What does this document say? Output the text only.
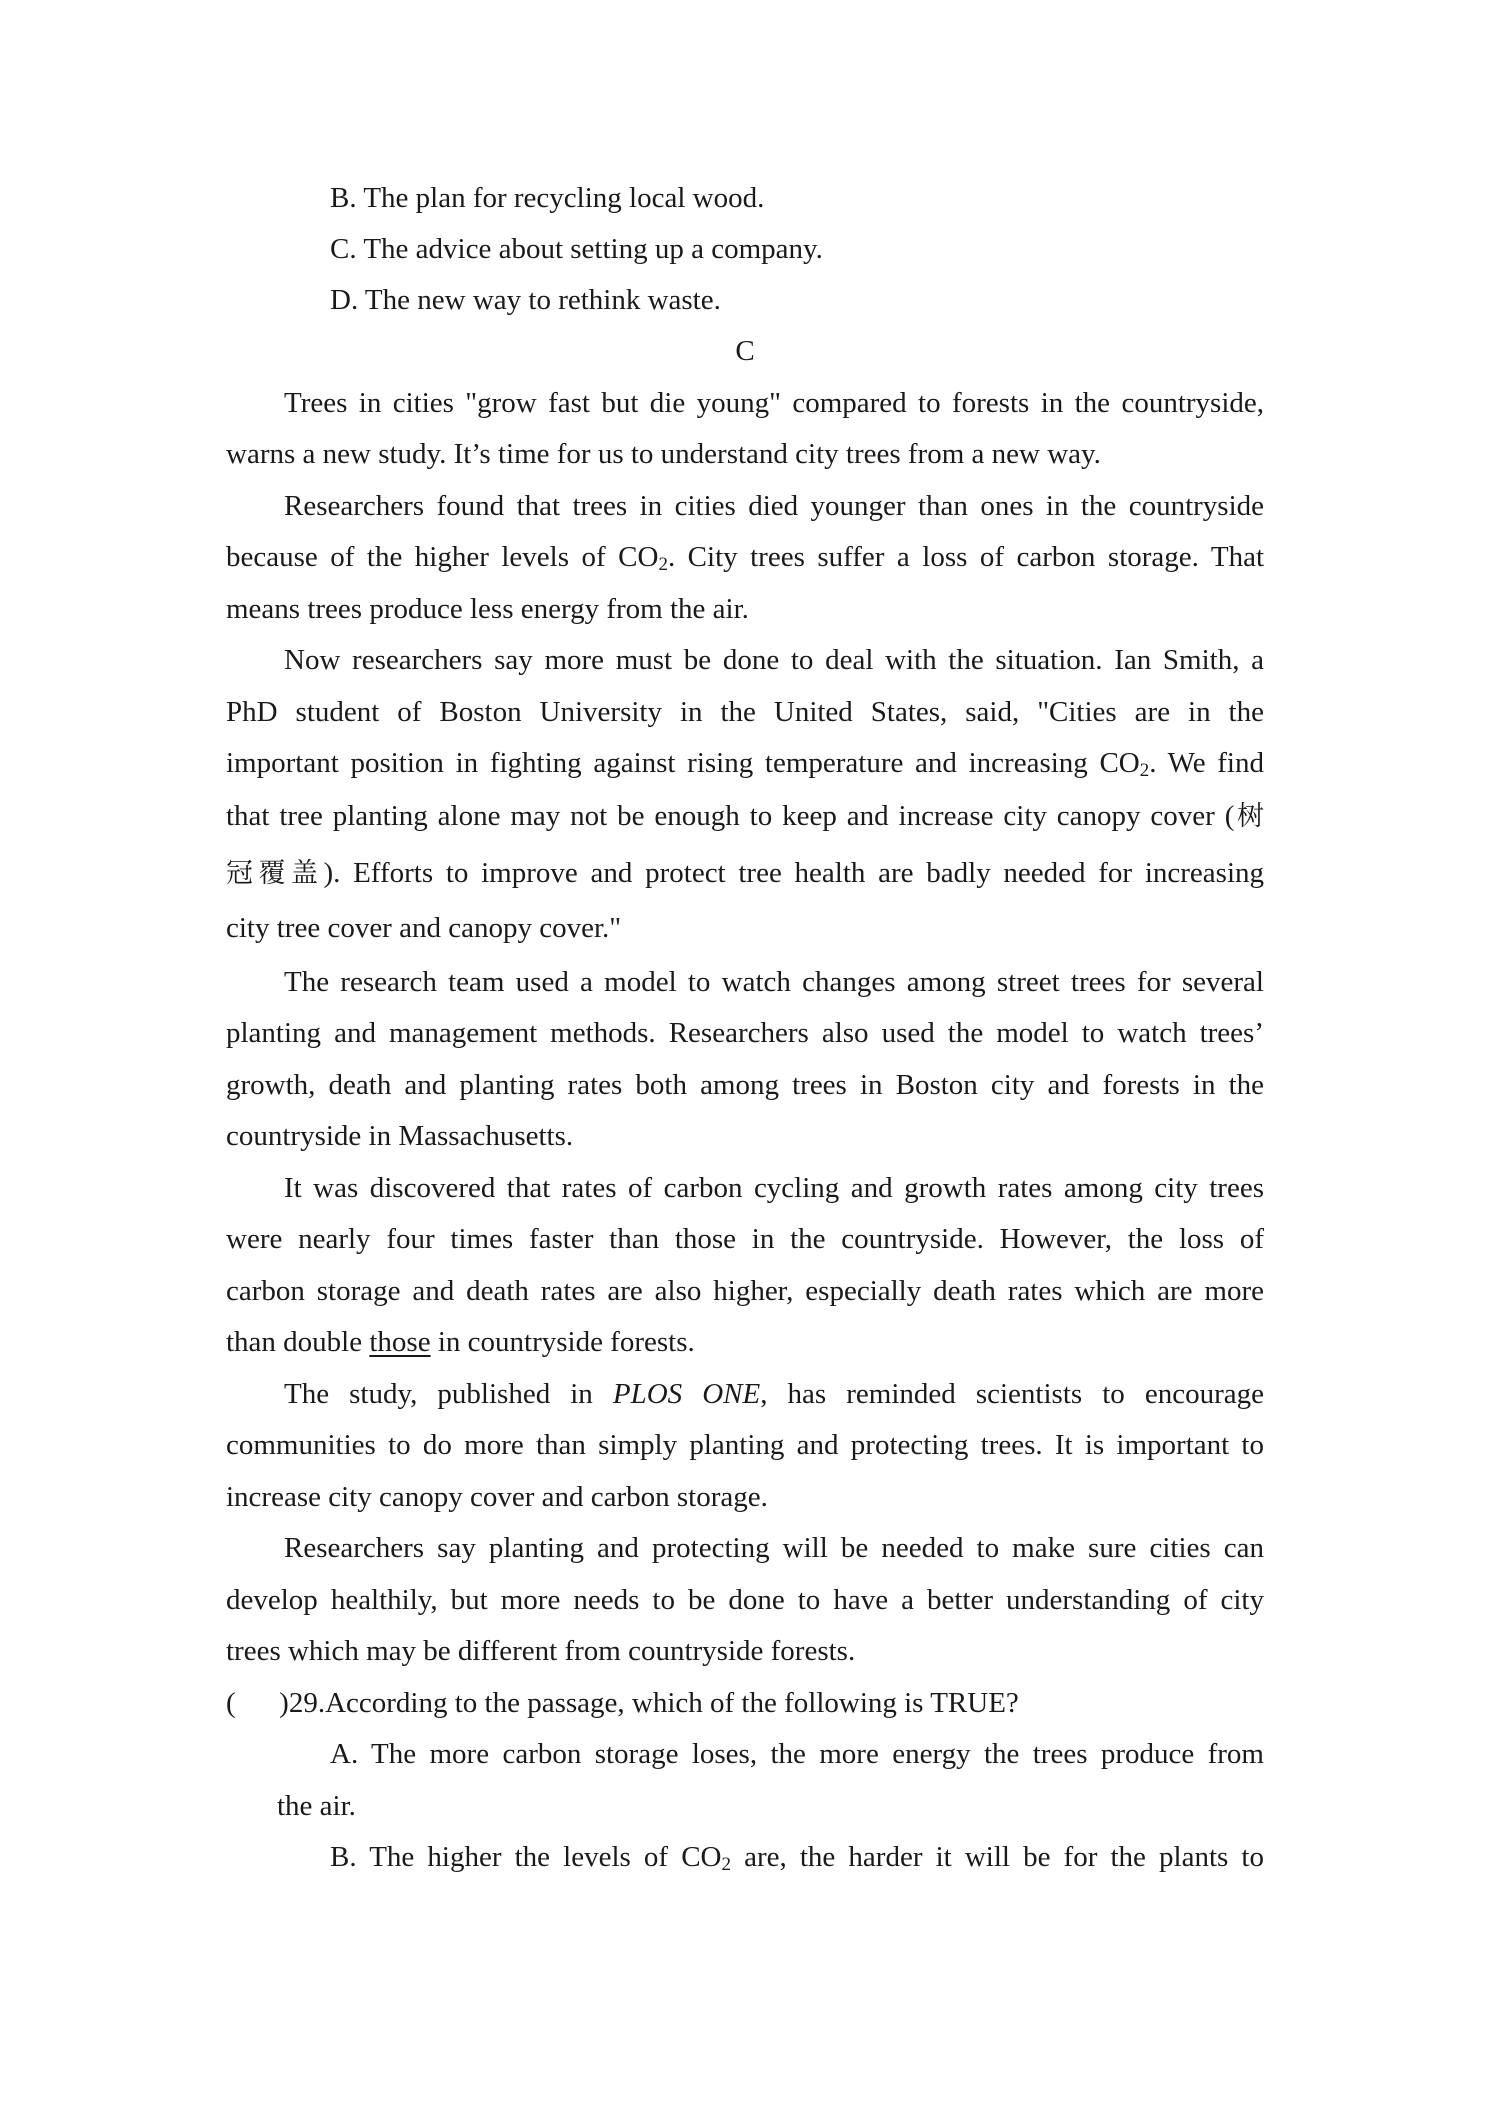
B. The plan for recycling local wood.
C. The advice about setting up a company.
D. The new way to rethink waste.
C
Trees in cities "grow fast but die young" compared to forests in the countryside,
warns a new study. It’s time for us to understand city trees from a new way.
Researchers found that trees in cities died younger than ones in the countryside
because of the higher levels of $CO_2$. City trees suffer a loss of carbon storage. That
means trees produce less energy from the air.
Now researchers say more must be done to deal with the situation. Ian Smith, a
PhD student of Boston University in the United States, said, "Cities are in the
important position in fighting against rising temperature and increasing $CO_2$. We find
that tree planting alone may not be enough to keep and increase city canopy cover (树
冠覆盖). Efforts to improve and protect tree health are badly needed for increasing
city tree cover and canopy cover."
The research team used a model to watch changes among street trees for several
planting and management methods. Researchers also used the model to watch trees’
growth, death and planting rates both among trees in Boston city and forests in the
countryside in Massachusetts.
It was discovered that rates of carbon cycling and growth rates among city trees
were nearly four times faster than those in the countryside. However, the loss of
carbon storage and death rates are also higher, especially death rates which are more
than double those in countryside forests.
The study, published in PLOS ONE, has reminded scientists to encourage
communities to do more than simply planting and protecting trees. It is important to
increase city canopy cover and carbon storage.
Researchers say planting and protecting will be needed to make sure cities can
develop healthily, but more needs to be done to have a better understanding of city
trees which may be different from countryside forests.
(      )29.According to the passage, which of the following is TRUE?
A. The more carbon storage loses, the more energy the trees produce from
the air.
B. The higher the levels of $CO_2$ are, the harder it will be for the plants to
